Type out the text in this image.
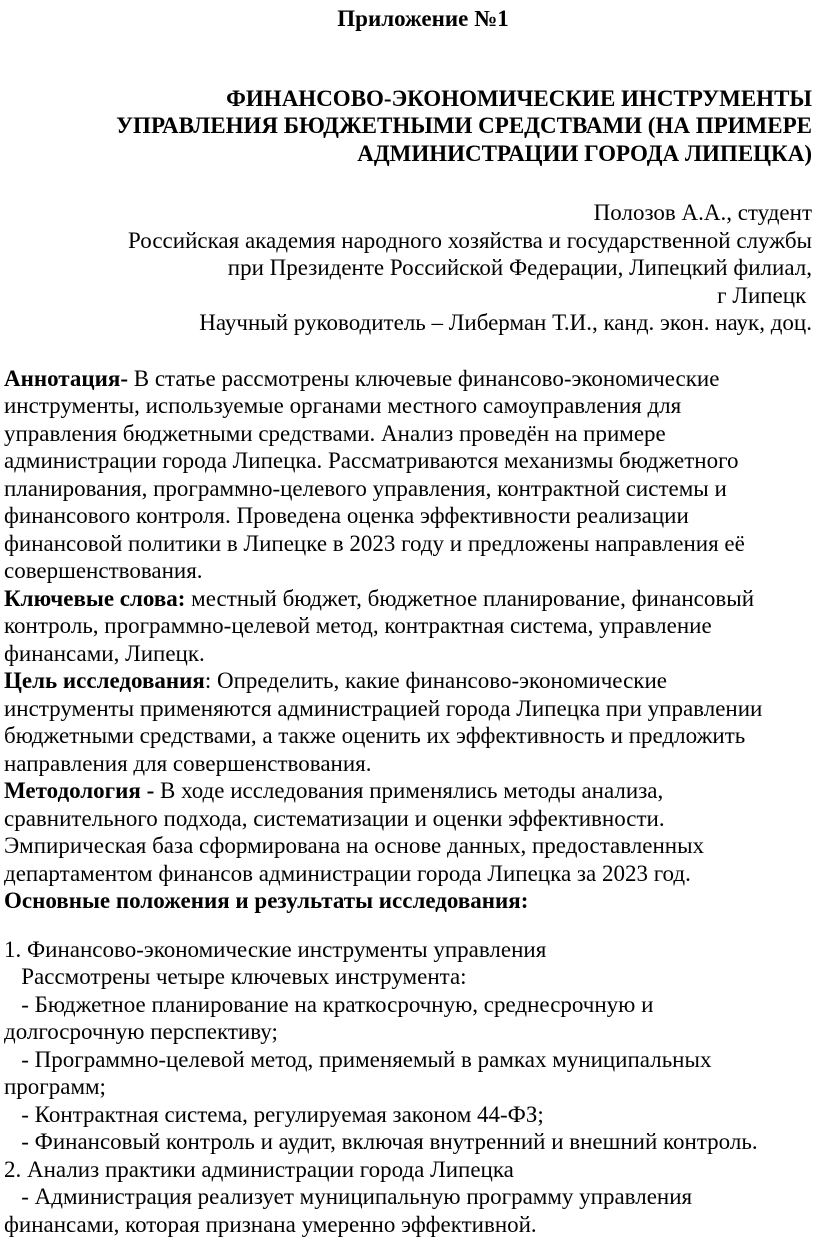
Приложение №1
ФИНАНСОВО-ЭКОНОМИЧЕСКИЕ ИНСТРУМЕНТЫ
УПРАВЛЕНИЯ БЮДЖЕТНЫМИ СРЕДСТВАМИ (НА ПРИМЕРЕ
АДМИНИСТРАЦИИ ГОРОДА ЛИПЕЦКА)
Полозов А.А., студент
Российская академия народного хозяйства и государственной службы
при Президенте Российской Федерации, Липецкий филиал,
г Липецк
Научный руководитель – Либерман Т.И., канд. экон. наук, доц.
Аннотация- В статье рассмотрены ключевые финансово-экономические
инструменты, используемые органами местного самоуправления для
управления бюджетными средствами. Анализ проведён на примере
администрации города Липецка. Рассматриваются механизмы бюджетного
планирования, программно-целевого управления, контрактной системы и
финансового контроля. Проведена оценка эффективности реализации
финансовой политики в Липецке в 2023 году и предложены направления её
совершенствования.
Ключевые слова: местный бюджет, бюджетное планирование, финансовый
контроль, программно-целевой метод, контрактная система, управление
финансами, Липецк.
Цель исследования: Определить, какие финансово-экономические
инструменты применяются администрацией города Липецка при управлении
бюджетными средствами, а также оценить их эффективность и предложить
направления для совершенствования.
Методология - В ходе исследования применялись методы анализа,
сравнительного подхода, систематизации и оценки эффективности.
Эмпирическая база сформирована на основе данных, предоставленных
департаментом финансов администрации города Липецка за 2023 год.
Основные положения и результаты исследования:
1. Финансово-экономические инструменты управления
Рассмотрены четыре ключевых инструмента:
- Бюджетное планирование на краткосрочную, среднесрочную и
долгосрочную перспективу;
- Программно-целевой метод, применяемый в рамках муниципальных
программ;
- Контрактная система, регулируемая законом 44-ФЗ;
- Финансовый контроль и аудит, включая внутренний и внешний контроль.
2. Анализ практики администрации города Липецка
- Администрация реализует муниципальную программу управления
финансами, которая признана умеренно эффективной.
